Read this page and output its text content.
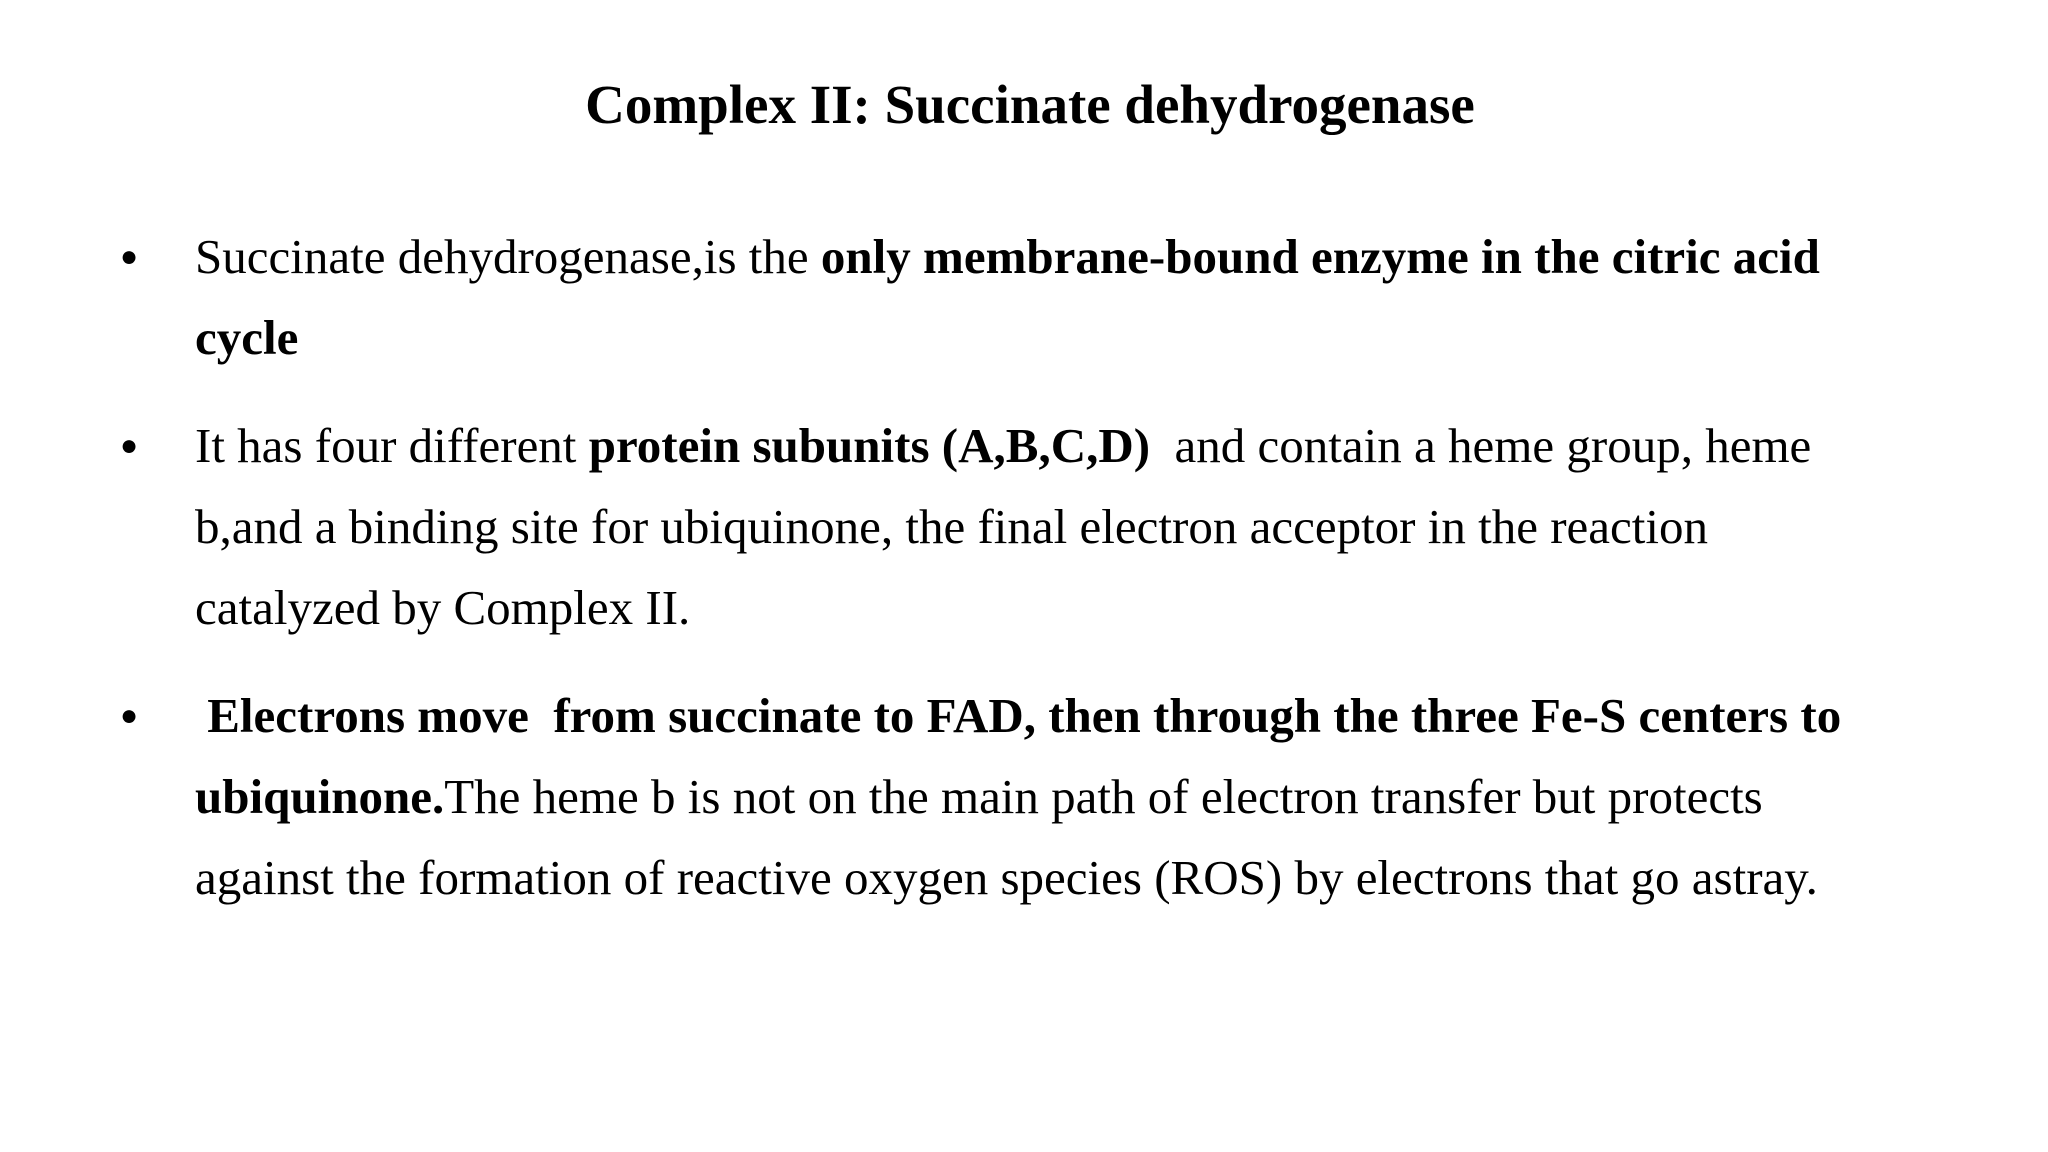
Complex II: Succinate dehydrogenase
● Succinate dehydrogenase,is the only membrane-bound enzyme in the citric acid
cycle
● It has four different protein subunits (A,B,C,D)  and contain a heme group, heme
b,and a binding site for ubiquinone, the final electron acceptor in the reaction
catalyzed by Complex II.
● Electrons move  from succinate to FAD, then through the three Fe-S centers to
ubiquinone.The heme b is not on the main path of electron transfer but protects
against the formation of reactive oxygen species (ROS) by electrons that go astray.
